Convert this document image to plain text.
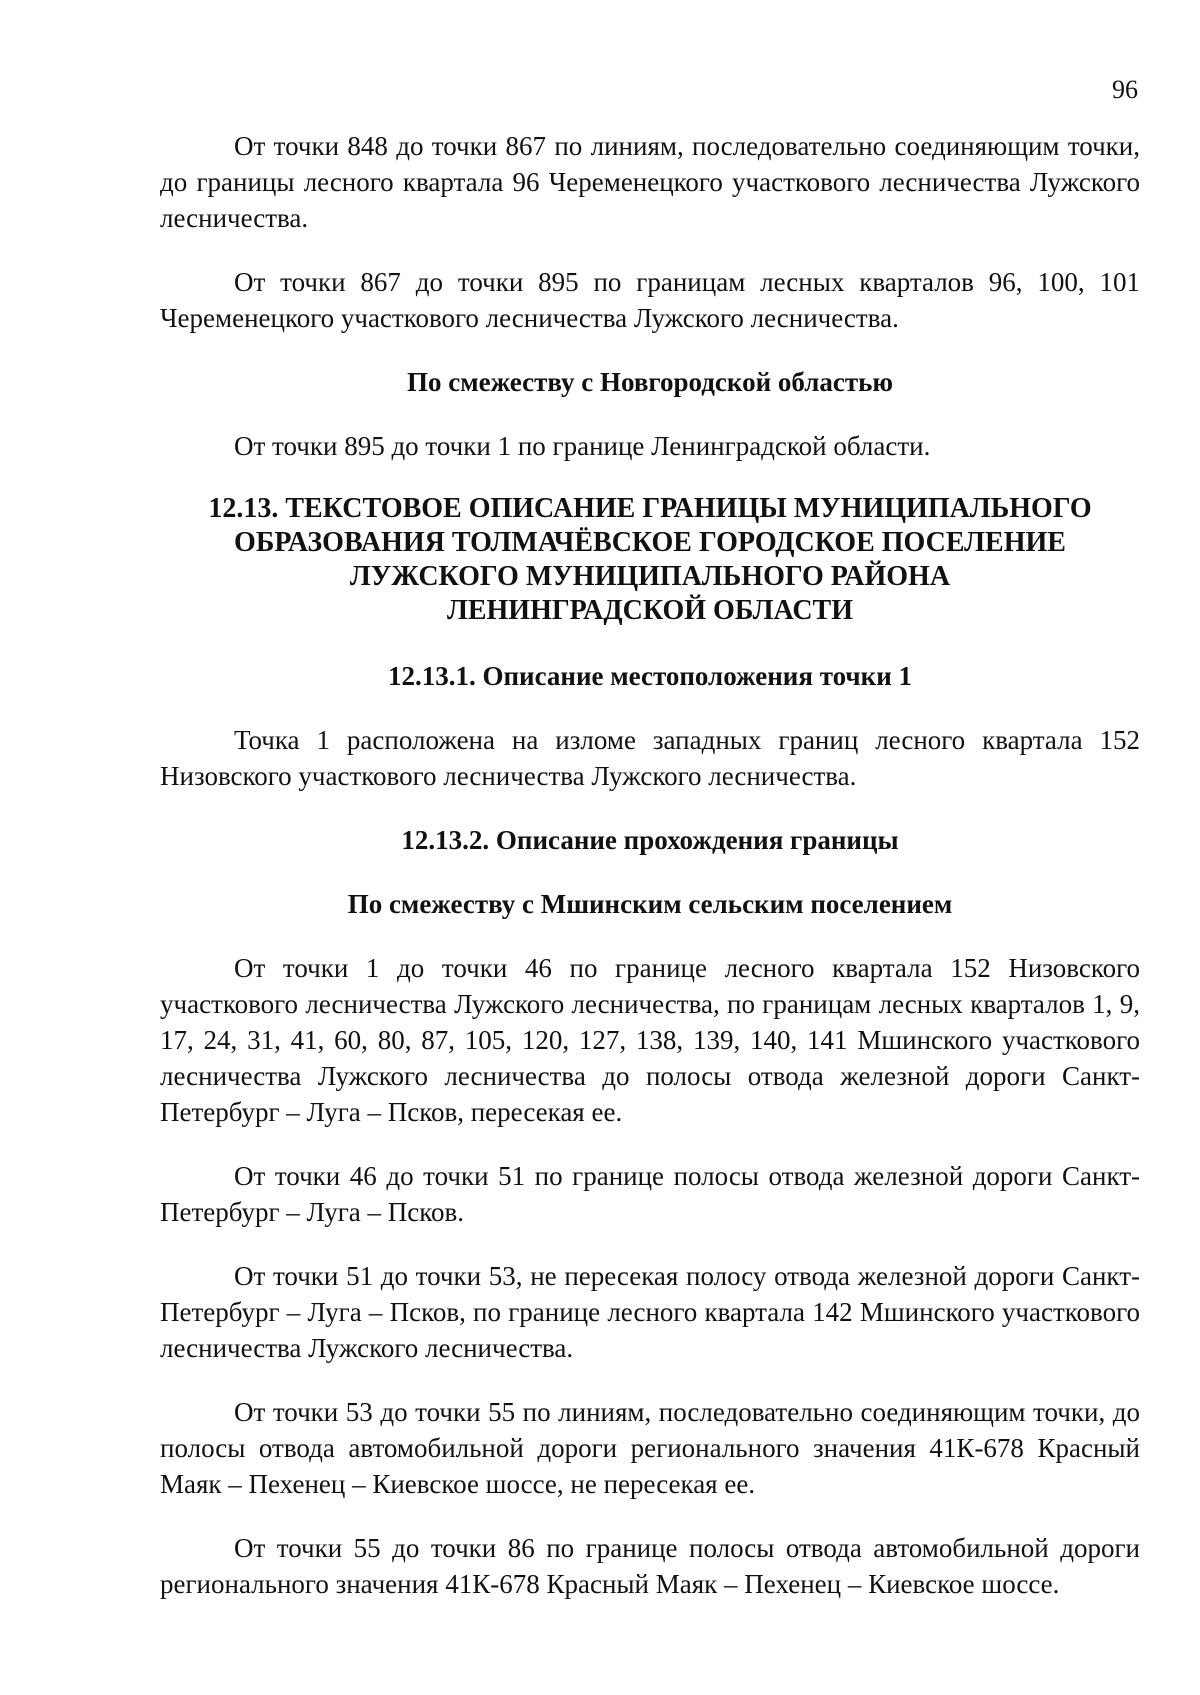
96

От точки 848 до точки 867 по линиям, последовательно соединяющим точки, до границы лесного квартала 96 Череменецкого участкового лесничества Лужского лесничества.

От точки 867 до точки 895 по границам лесных кварталов 96, 100, 101 Череменецкого участкового лесничества Лужского лесничества.

По смежеству с Новгородской областью

От точки 895 до точки 1 по границе Ленинградской области.

12.13. ТЕКСТОВОЕ ОПИСАНИЕ ГРАНИЦЫ МУНИЦИПАЛЬНОГО
ОБРАЗОВАНИЯ ТОЛМАЧЁВСКОЕ ГОРОДСКОЕ ПОСЕЛЕНИЕ
ЛУЖСКОГО МУНИЦИПАЛЬНОГО РАЙОНА
ЛЕНИНГРАДСКОЙ ОБЛАСТИ
12.13.1. Описание местоположения точки 1

Точка 1 расположена на изломе западных границ лесного квартала 152 Низовского участкового лесничества Лужского лесничества.

12.13.2. Описание прохождения границы
По смежеству с Мшинским сельским поселением

От точки 1 до точки 46 по границе лесного квартала 152 Низовского участкового лесничества Лужского лесничества, по границам лесных кварталов 1, 9, 17, 24, 31, 41, 60, 80, 87, 105, 120, 127, 138, 139, 140, 141 Мшинского участкового лесничества Лужского лесничества до полосы отвода железной дороги Санкт-Петербург – Луга – Псков, пересекая ее.

От точки 46 до точки 51 по границе полосы отвода железной дороги Санкт-Петербург – Луга – Псков.

От точки 51 до точки 53, не пересекая полосу отвода железной дороги Санкт-Петербург – Луга – Псков, по границе лесного квартала 142 Мшинского участкового лесничества Лужского лесничества.

От точки 53 до точки 55 по линиям, последовательно соединяющим точки, до полосы отвода автомобильной дороги регионального значения 41К-678 Красный Маяк – Пехенец – Киевское шоссе, не пересекая ее.

От точки 55 до точки 86 по границе полосы отвода автомобильной дороги регионального значения 41К-678 Красный Маяк – Пехенец – Киевское шоссе.
